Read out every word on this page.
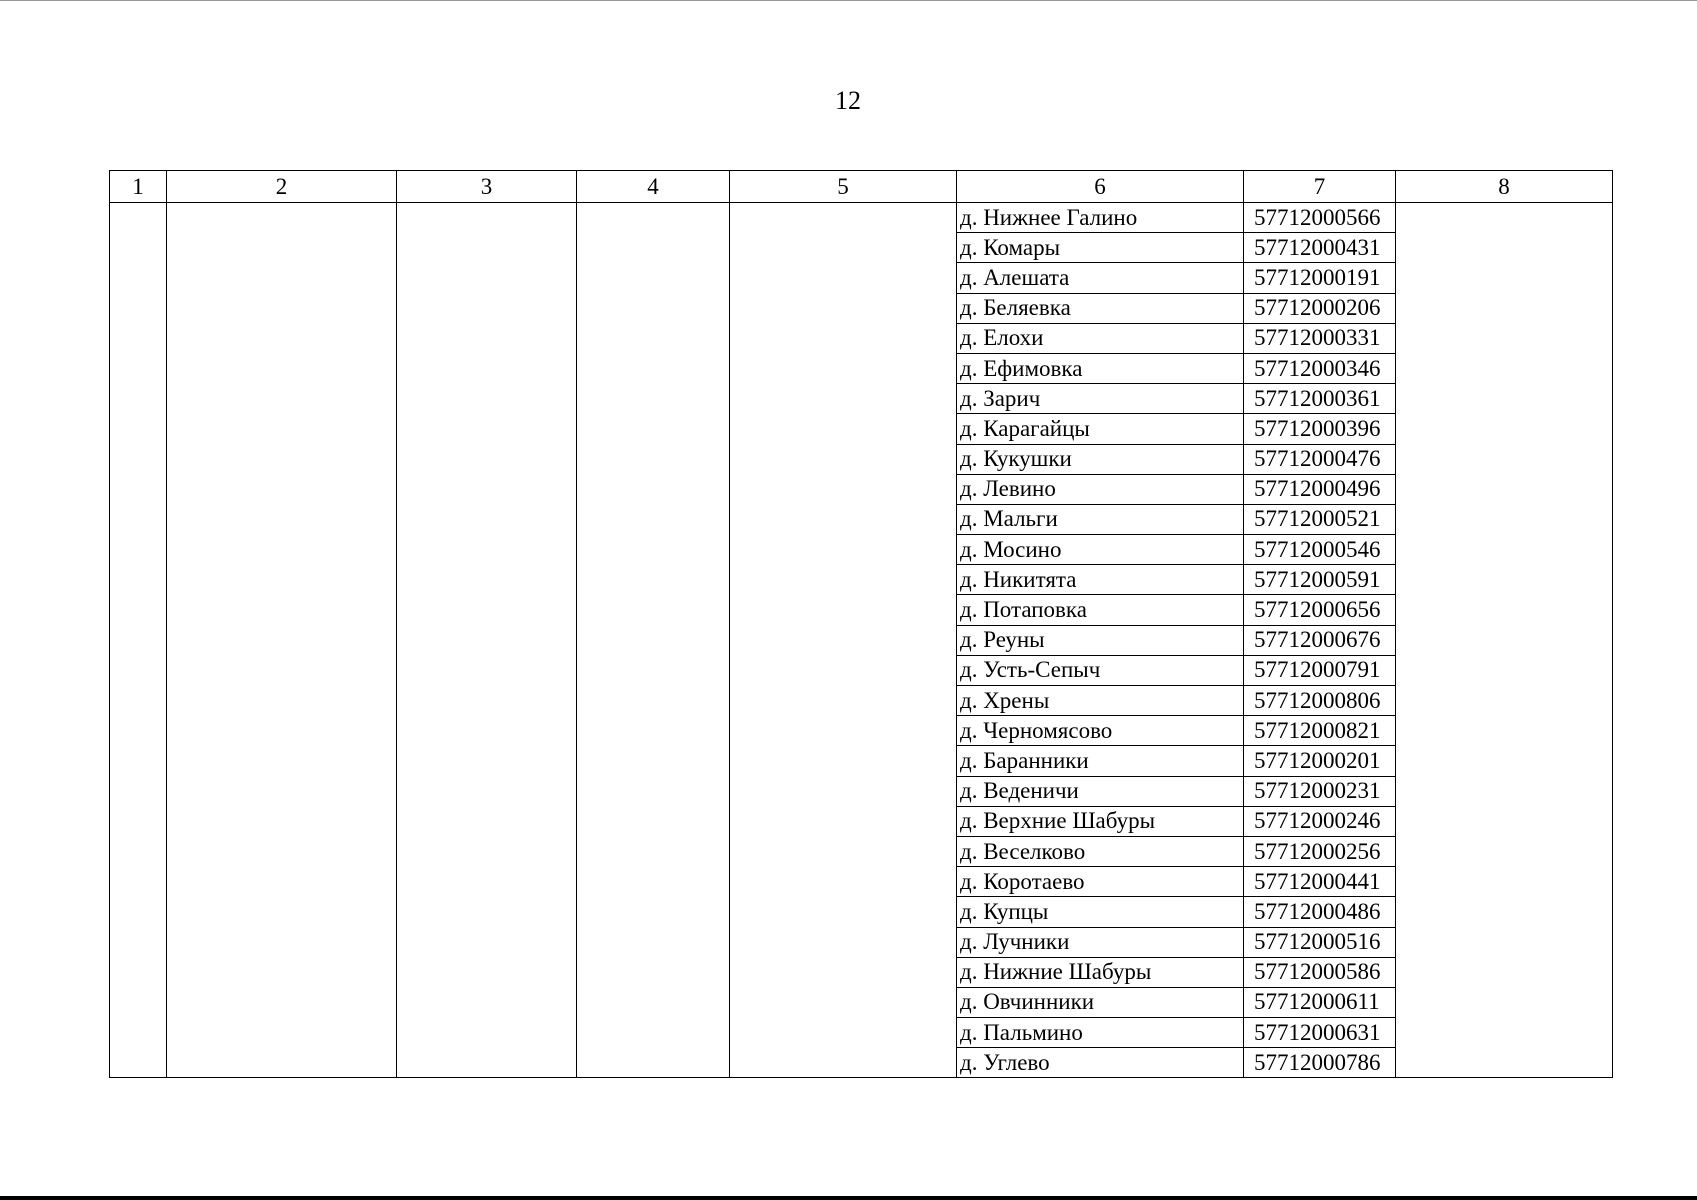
12
1	2	3	4	5	6	7	8
					д. Нижнее Галино	57712000566	
					д. Комары	57712000431	
					д. Алешата	57712000191	
					д. Беляевка	57712000206	
					д. Елохи	57712000331	
					д. Ефимовка	57712000346	
					д. Зарич	57712000361	
					д. Карагайцы	57712000396	
					д. Кукушки	57712000476	
					д. Левино	57712000496	
					д. Мальги	57712000521	
					д. Мосино	57712000546	
					д. Никитята	57712000591	
					д. Потаповка	57712000656	
					д. Реуны	57712000676	
					д. Усть-Сепыч	57712000791	
					д. Хрены	57712000806	
					д. Черномясово	57712000821	
					д. Баранники	57712000201	
					д. Веденичи	57712000231	
					д. Верхние Шабуры	57712000246	
					д. Веселково	57712000256	
					д. Коротаево	57712000441	
					д. Купцы	57712000486	
					д. Лучники	57712000516	
					д. Нижние Шабуры	57712000586	
					д. Овчинники	57712000611	
					д. Пальмино	57712000631	
					д. Углево	57712000786	
